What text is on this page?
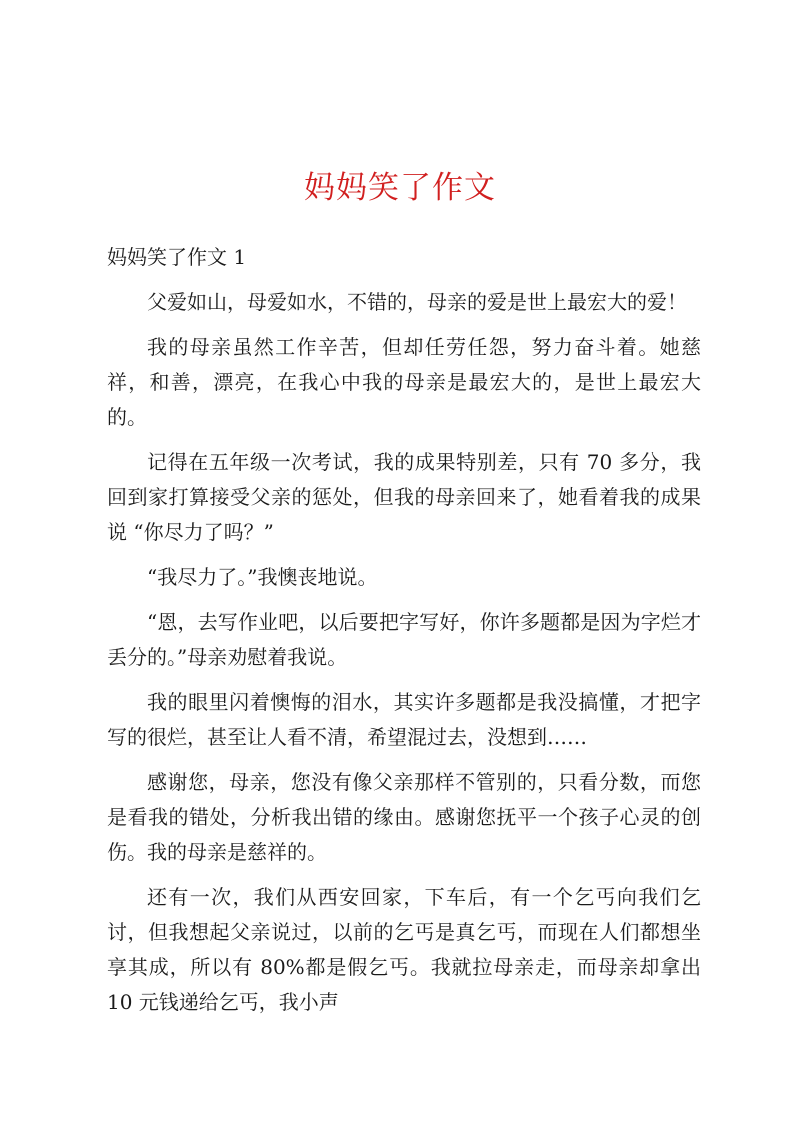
妈妈笑了作文
妈妈笑了作文 1

父爱如山，母爱如水，不错的，母亲的爱是世上最宏大的爱！

我的母亲虽然工作辛苦，但却任劳任怨，努力奋斗着。她慈祥，和善，漂亮，在我心中我的母亲是最宏大的，是世上最宏大的。

记得在五年级一次考试，我的成果特别差，只有 70 多分，我回到家打算接受父亲的惩处，但我的母亲回来了，她看着我的成果说 “你尽力了吗？”

“我尽力了。”我懊丧地说。

“恩，去写作业吧，以后要把字写好，你许多题都是因为字烂才丢分的。”母亲劝慰着我说。

我的眼里闪着懊悔的泪水，其实许多题都是我没搞懂，才把字写的很烂，甚至让人看不清，希望混过去，没想到……

感谢您，母亲，您没有像父亲那样不管别的，只看分数，而您是看我的错处，分析我出错的缘由。感谢您抚平一个孩子心灵的创伤。我的母亲是慈祥的。

还有一次，我们从西安回家，下车后，有一个乞丐向我们乞讨，但我想起父亲说过，以前的乞丐是真乞丐，而现在人们都想坐享其成，所以有 80%都是假乞丐。我就拉母亲走，而母亲却拿出 10 元钱递给乞丐，我小声
